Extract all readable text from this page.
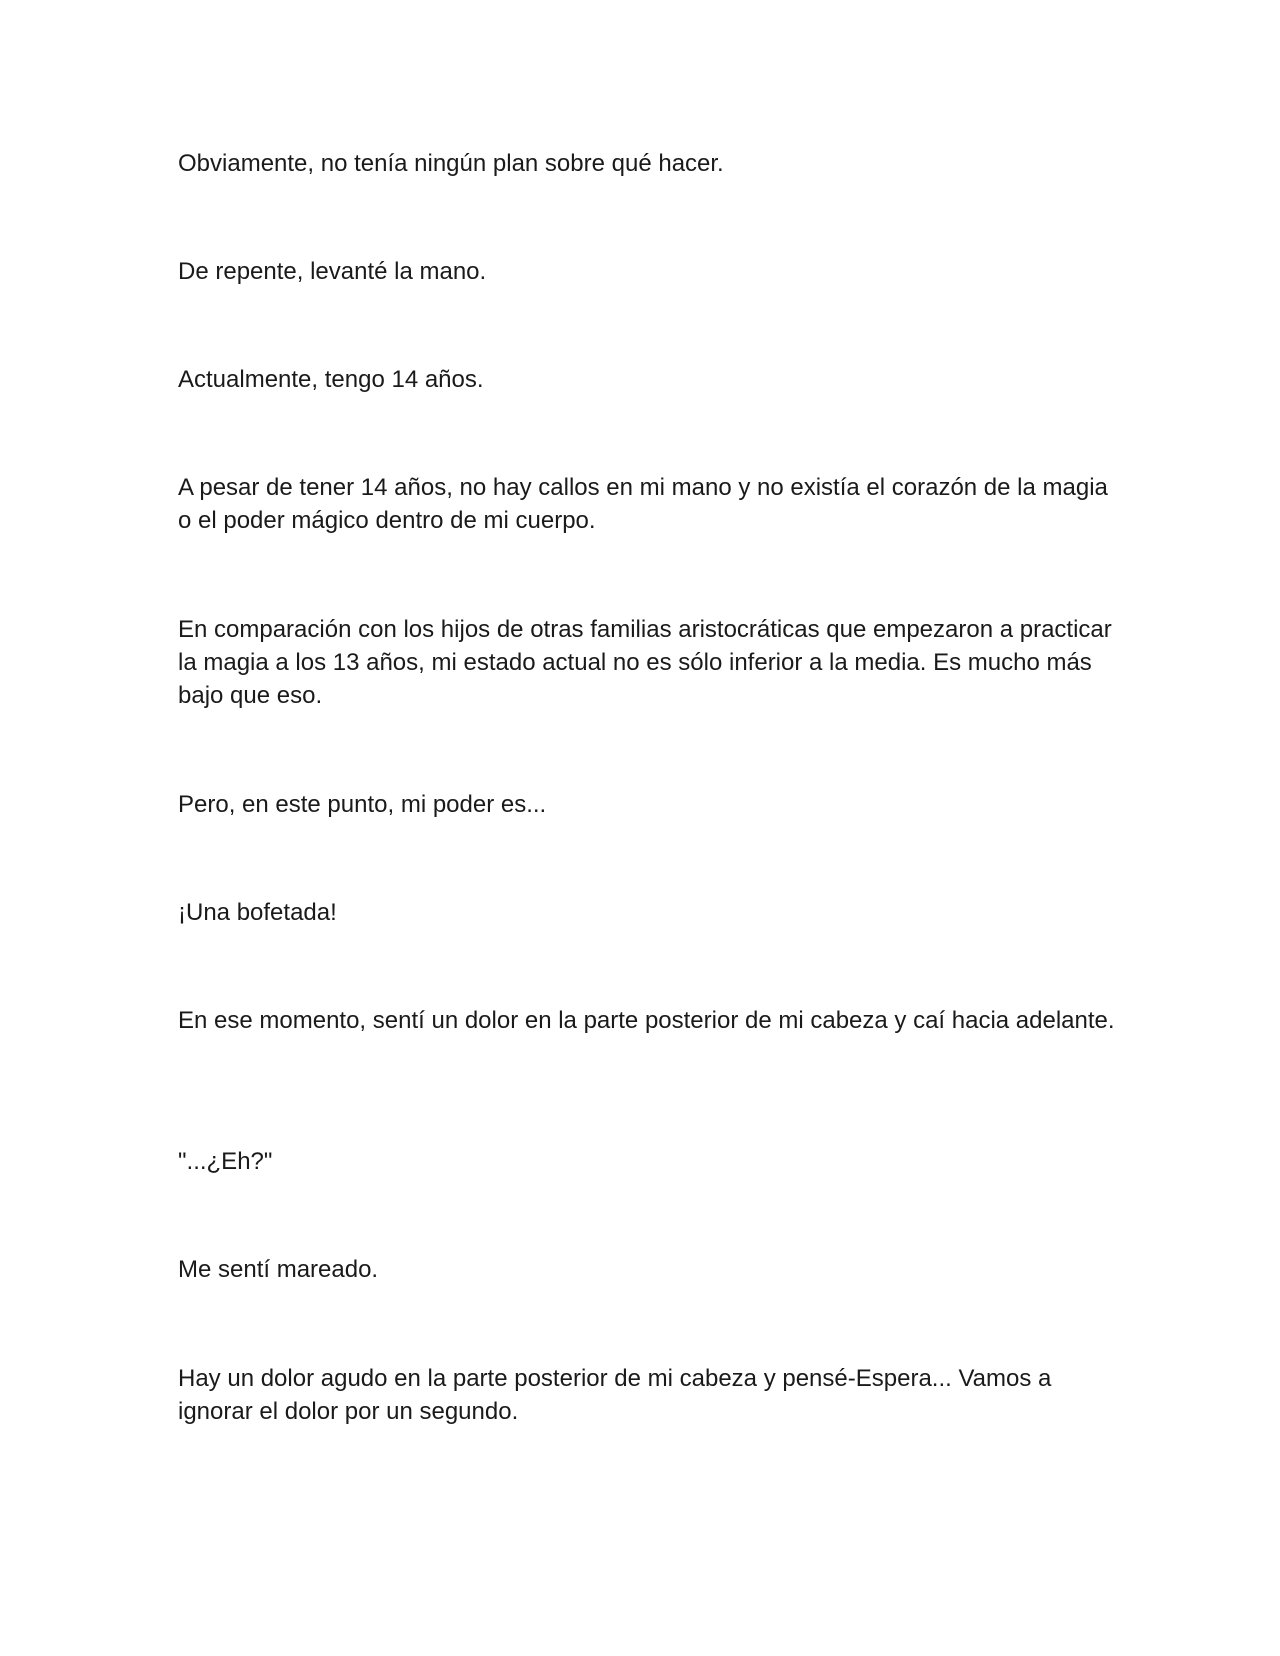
Obviamente, no tenía ningún plan sobre qué hacer.

De repente, levanté la mano.

Actualmente, tengo 14 años.

A pesar de tener 14 años, no hay callos en mi mano y no existía el corazón de la magia o el poder mágico dentro de mi cuerpo.

En comparación con los hijos de otras familias aristocráticas que empezaron a practicar la magia a los 13 años, mi estado actual no es sólo inferior a la media. Es mucho más bajo que eso.

Pero, en este punto, mi poder es...

¡Una bofetada!

En ese momento, sentí un dolor en la parte posterior de mi cabeza y caí hacia adelante.

"...¿Eh?"

Me sentí mareado.

Hay un dolor agudo en la parte posterior de mi cabeza y pensé-Espera... Vamos a ignorar el dolor por un segundo.
